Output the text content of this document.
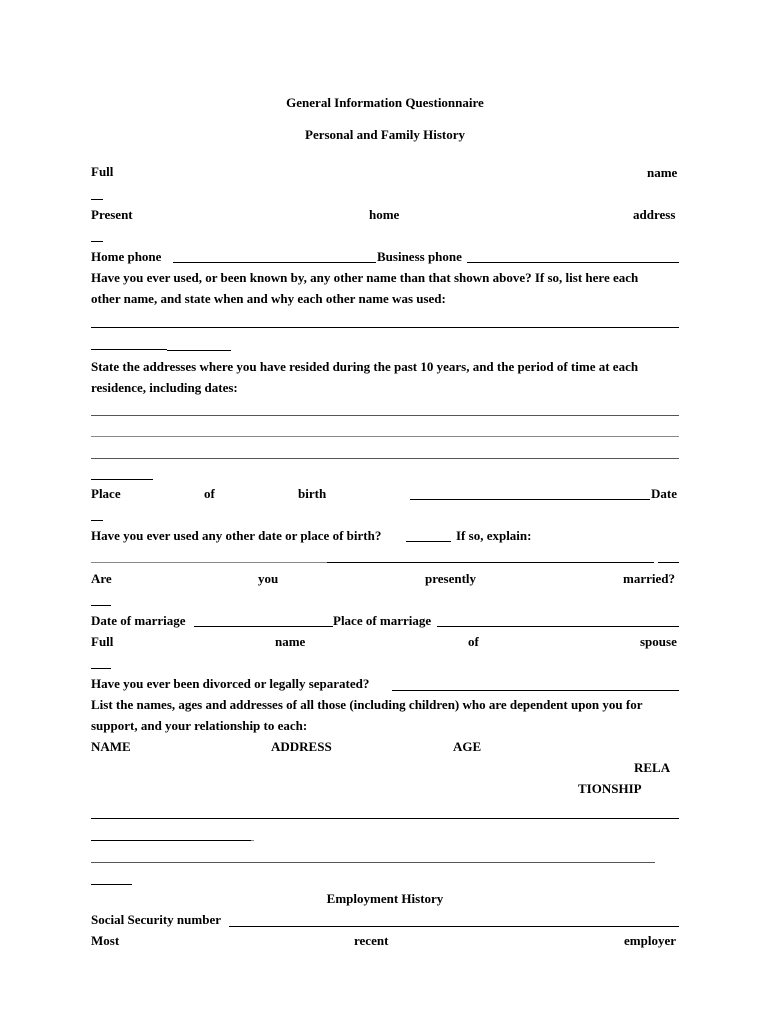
General Information Questionnaire
Personal and Family History
Full	name
Present	home	address
Home phone	Business phone
Have you ever used, or been known by, any other name than that shown above? If so, list here each
other name, and state when and why each other name was used:
State the addresses where you have resided during the past 10 years, and the period of time at each
residence, including dates:
Place	of	birth	Date
Have you ever used any other date or place of birth?	If so, explain:
Are	you	presently	married?
Date of marriage	Place of marriage
Full	name	of	spouse
Have you ever been divorced or legally separated?
List the names, ages and addresses of all those (including children) who are dependent upon you for
support, and your relationship to each:
NAME	ADDRESS	AGE
RELA
TIONSHIP
Employment History
Social Security number
Most	recent	employer
